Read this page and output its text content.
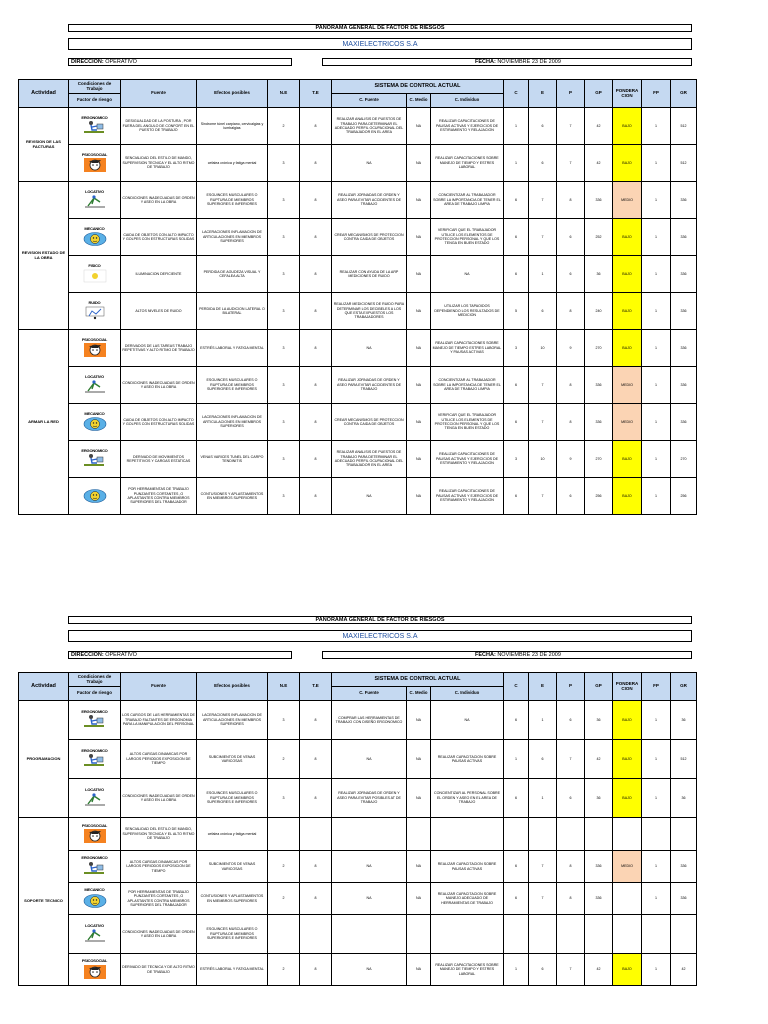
PANORAMA GENERAL DE FACTOR DE RIESGOS
MAXIELECTRICOS S.A
DIRECCION: OPERATIVO	FECHA: NOVIEMBRE 23 DE 2009
Actividad	Condiciones de Trabajo	Fuente	Efectos posibles	N.E	T.E	SISTEMA DE CONTROL ACTUAL			C	E	P	GP	PONDERA CION	FP	GR
	Factor de riesgo					C. Fuente	C. Medio	C. Individuo							
REVISION DE LAS FACTURAS	ERGONOMICO	DESIGUALDAD DE LA POSTURA , POR FUERA DEL ANGULO DE CONFORT EN EL PUESTO DE TRABAJO	Sindrome túnel carpiano, cervicalgias y lumbalgias	2	8	REALIZAR ANALISIS DE PUESTOS DE TRABAJO PARA DETERMINAR EL ADECUADO PERFIL OCUPACIONAL DEL TRABAJADOR EN EL AREA	NA	REALIZAR CAPACITACIONES DE PAUSAS ACTIVAS Y EJERCICIOS DE ESTIRAMIENTO Y RELAJACION	1	6	7	42	BAJO	1	512

	PSICOSOCIAL	SENCIALIDAD DEL ESTILO DE MANDO, SUPERVISION TECNICA Y EL ALTO RITMO DE TRABAJO	cefalea crónica y fatiga mental	3	8	NA	NA	REALIZAR CAPACITACIONES SOBRE MANEJO DE TIEMPO Y ESTRES LABORAL	1	6	7	42	BAJO	1	512
REVISION ESTADO DE LA OBRA	LOCATIVO	CONDICIONES INADECUADAS DE ORDEN Y ASEO EN LA OBRA	ESGUINCES MUSCULARES O RUPTURA DE MIEMBROS SUPERIORES E INFERIORES	3	8	REALIZAR JORNADAS DE ORDEN Y ASEO PARA EVITAR ACCIDENTES DE TRABAJO	NA	CONCIENTIZAR AL TRABAJADOR SOBRE LA IMPORTANCIA DE TENER EL AREA DE TRABAJO LIMPIA	6	7	8	336	MEDIO	1	336

	MECANICO	CAIDA DE OBJETOS CON ALTO IMPACTO Y GOLPES CON ESTRUCTURAS SOLIDAS	LACERACIONES INFLAMACION DE ARTICULACIONES EN MIEMBROS SUPERIORES	3	8	CREAR MECANISMOS DE PROTECCION CONTRA CAIDA DE OBJETOS	NA	VERIFICAR QUE EL TRABAJADOR UTILICE LOS ELEMENTOS DE PROTECCION PERSONAL Y QUE LOS TENGA EN BUEN ESTADO	6	7	6	252	BAJO	1	336

	FISICO	ILUMINACION DEFICIENTE	PERDIDA DE AGUDEZA VISUAL Y CEFALEA ALTA	3	8	REALIZAR CON AYUDA DE LA ARP MEDICIONES DE RUIDO	NA	NA	6	1	6	36	BAJO	1	336

	RUIDO	ALTOS NIVELES DE RUIDO	PERDIDA DE LA AUDICION LATERAL O BILATERAL	3	8	REALIZAR MEDICIONES DE RUIDO PARA DETERMINAR LOS DECIBELES A LOS QUE ESTA EXPUESTOS LOS TRABAJADORES	NA	UTILIZAR LOS TAPAOIDOS DEPENDIENDO LOS RESULTADOS DE MEDICION	5	6	8	240	BAJO	1	336
ARMAR LA RED	PSICOSOCIAL	DERIVADOS DE LAS TAREAS TRABAJO REPETITIVAS Y ALTO RITMO DE TRABAJO	ESTRÉS LABORAL Y FATIGA MENTAL	3	8	NA	NA	REALIZAR CAPACITACIONES SOBRE MANEJO DE TIEMPO ESTRES LABORAL Y PAUSAS ACTIVAS	3	10	9	270	BAJO	1	336

	LOCATIVO	CONDICIONES INADECUADAS DE ORDEN Y ASEO EN LA OBRA	ESGUINCES MUSCULARES O RUPTURA DE MIEMBROS SUPERIORES E INFERIORES	3	8	REALIZAR JORNADAS DE ORDEN Y ASEO PARA EVITAR ACCIDENTES DE TRABAJO	NA	CONCIENTIZAR AL TRABAJADOR SOBRE LA IMPORTANCIA DE TENER EL AREA DE TRABAJO LIMPIA	6	7	8	336	MEDIO	1	336

	MECANICO	CAIDA DE OBJETOS CON ALTO IMPACTO Y GOLPES CON ESTRUCTURAS SOLIDAS	LACERACIONES INFLAMACION DE ARTICULACIONES EN MIEMBROS SUPERIORES	3	8	CREAR MECANISMOS DE PROTECCION CONTRA CAIDA DE OBJETOS	NA	VERIFICAR QUE EL TRABAJADOR UTILICE LOS ELEMENTOS DE PROTECCION PERSONAL Y QUE LOS TENGA EN BUEN ESTADO	6	7	8	336	MEDIO	1	336

	ERGONOMICO	DERIVADO DE MOVIMIENTOS REPETITIVOS Y CARGAS ESTATICAS	VENAS VARICES TUNEL DEL CARPO TENDINITIS	3	8	REALIZAR ANALISIS DE PUESTOS DE TRABAJO PARA DETERMINAR EL ADECUADO PERFIL OCUPACIONAL DEL TRABAJADOR EN EL AREA	NA	REALIZAR CAPACITACIONES DE PAUSAS ACTIVAS Y EJERCICIOS DE ESTIRAMIENTO Y RELAJACION	3	10	9	270	BAJO	1	270

	POR HERRAMIENTAS DE TRABAJO PUNZANTES CORTANTES ,O APLASTANTES CONTRA MIEMBROS SUPERIORES DEL TRABAJADOR	CONTUSIONES Y APLASTAMIENTOS EN MIEMBROS SUPERIORES	3	8	NA	NA	REALIZAR CAPACITACIONES DE PAUSAS ACTIVAS Y EJERCICIOS DE ESTIRAMIENTO Y RELAJACION	6	7	6	256	BAJO	1	256
PANORAMA GENERAL DE FACTOR DE RIESGOS
MAXIELECTRICOS S.A
DIRECCION: OPERATIVO	FECHA: NOVIEMBRE 23 DE 2009
Actividad	Condiciones de Trabajo	Fuente	Efectos posibles	N.E	T.E	SISTEMA DE CONTROL ACTUAL			C	E	P	GP	PONDERA CION	FP	GR
	Factor de riesgo					C. Fuente	C. Medio	C. Individuo							
PROGRAMACION	ERGONOMICO	LOS CARGOS DE LAS HERRAMIENTAS DE TRABAJO FALTANTES DE ERGONOMIA PARA LA MANIPULACION DEL PERSONAL	LACERACIONES INFLAMACION DE ARTICULACIONES EN MIEMBROS SUPERIORES	3	8	COMPRAR LAS HERRAMIENTAS DE TRABAJO CON DISEÑO ERGONOMICO	NA	NA	6	1	6	36	BAJO	1	36

	ERGONOMICO	ALTOS CARGAS DINAMICAS POR LARGOS PERIODOS EXPOSICION DE TIEMPO	SUBCIMIENTOS DE VENAS VARICOSAS	2	8	NA	NA	REALIZAR CAPACITACION SOBRE PAUSAS ACTIVAS	1	6	7	42	BAJO	1	512

	LOCATIVO	CONDICIONES INADECUADAS DE ORDEN Y ASEO EN LA OBRA	ESGUINCES MUSCULARES O RUPTURA DE MIEMBROS SUPERIORES E INFERIORES	3	8	REALIZAR JORNADAS DE ORDEN Y ASEO PARA EVITAR POSIBLES AT DE TRABAJO	NA	CONCIENTIZAR AL PERSONAL SOBRE EL ORDEN Y ASEO EN EL AREA DE TRABAJO	6	1	6	36	BAJO	1	36
SOPORTE TECNICO	PSICOSOCIAL	SENCIALIDAD DEL ESTILO DE MANDO, SUPERVISION TECNICA Y EL ALTO RITMO DE TRABAJO	cefalea crónica y fatiga mental												

	ERGONOMICO	ALTOS CARGAS DINAMICAS POR LARGOS PERIODOS EXPOSICION DE TIEMPO	SUBCIMIENTOS DE VENAS VARICOSAS	2	8	NA	NA	REALIZAR CAPACITACION SOBRE PAUSAS ACTIVAS	6	7	8	336	MEDIO	1	336

	MECANICO	POR HERRAMIENTAS DE TRABAJO PUNZANTES CORTANTES ,O APLASTANTES CONTRA MIEMBROS SUPERIORES DEL TRABAJADOR	CONTUSIONES Y APLASTAMIENTOS EN MIEMBROS SUPERIORES	2	8	NA	NA	REALIZAR CAPACITACION SOBRE MANEJO ADECUADO DE HERRAMIENTAS DE TRABAJO	6	7	8	336		1	336

	LOCATIVO	CONDICIONES INADECUADAS DE ORDEN Y ASEO EN LA OBRA	ESGUINCES MUSCULARES O RUPTURA DE MIEMBROS SUPERIORES E INFERIORES												

	PSICOSOCIAL	DERIVADO DE TECNICA Y DE ALTO RITMO DE TRABAJO	ESTRÉS LABORAL Y FATIGA MENTAL	2	8	NA	NA	REALIZAR CAPACITACIONES SOBRE MANEJO DE TIEMPO Y ESTRES LABORAL	1	6	7	42	BAJO	1	42
